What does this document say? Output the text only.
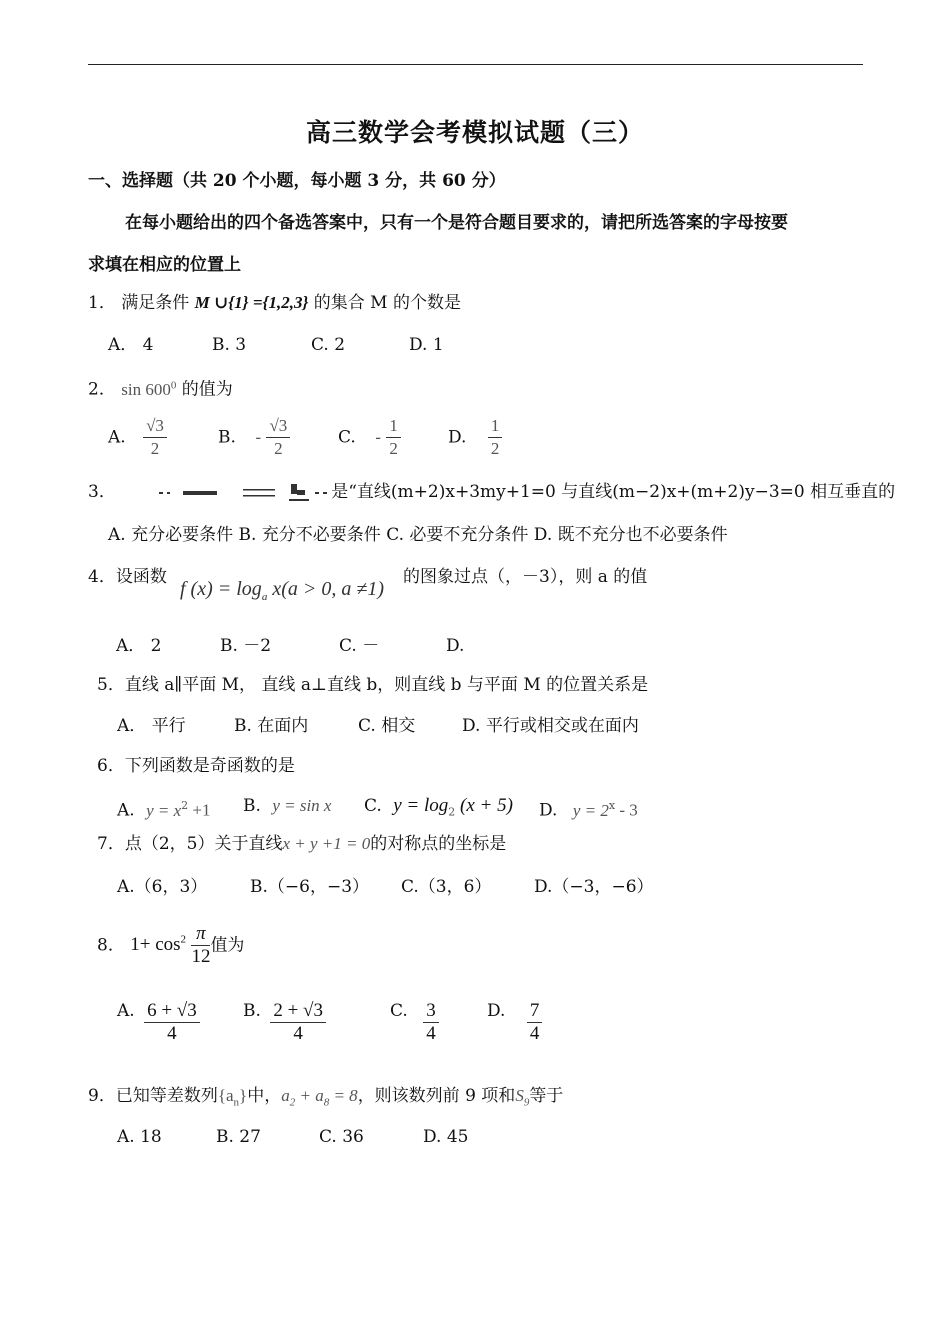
高三数学会考模拟试题（三）
一、选择题（共 20 个小题，每小题 3 分，共 60 分）
在每小题给出的四个备选答案中，只有一个是符合题目要求的，请把所选答案的字母按要
求填在相应的位置上
1． 满足条件 M ∪{1} ={1,2,3} 的集合 M 的个数是
A． 4	B. 3	C. 2	D. 1
2． $\sin 600^0$ 的值为
A. $\frac{√3}{2}$	B. - $\frac{√3}{2}$	C. - $\frac{1}{2}$	D. $\frac{1}{2}$
3．	是“直线(m+2)x+3my+1=0 与直线(m−2)x+(m+2)y−3=0 相互垂直的
A. 充分必要条件 B. 充分不必要条件 C. 必要不充分条件 D. 既不充分也不必要条件
4．设函数
f $(x) = \log_a x(a > 0$, a ≠1)
的图象过点（，－3），则 a 的值
A． 2	B. －2	C. －	D.
5．直线 a∥平面 M， 直线 a⊥直线 b，则直线 b 与平面 M 的位置关系是
A． 平行	B. 在面内	C. 相交	D. 平行或相交或在面内
6．下列函数是奇函数的是
A. $y = x^2 +1$ B. y = sin x C. $y = \log_2 (x + 5)$ D. $y = 2^x - 3$
7．点（2，5）关于直线x + y +1 = 0的对称点的坐标是
A.（6，3）	B.（−6，−3） C.（3，6）	D.（−3，−6）
8． $1+ \cos^2 \frac{\pi}{12}$ 值为
A. $\frac{6 + √3}{4}$	B. $\frac{2 + √3}{4}$	C. $\frac{3}{4}$	D. $\frac{7}{4}$
9．已知等差数列$\{a_n\}$中，$a_2 + a_8 = 8$，则该数列前 9 项和$S_9$等于
A. 18	B. 27	C. 36	D. 45
